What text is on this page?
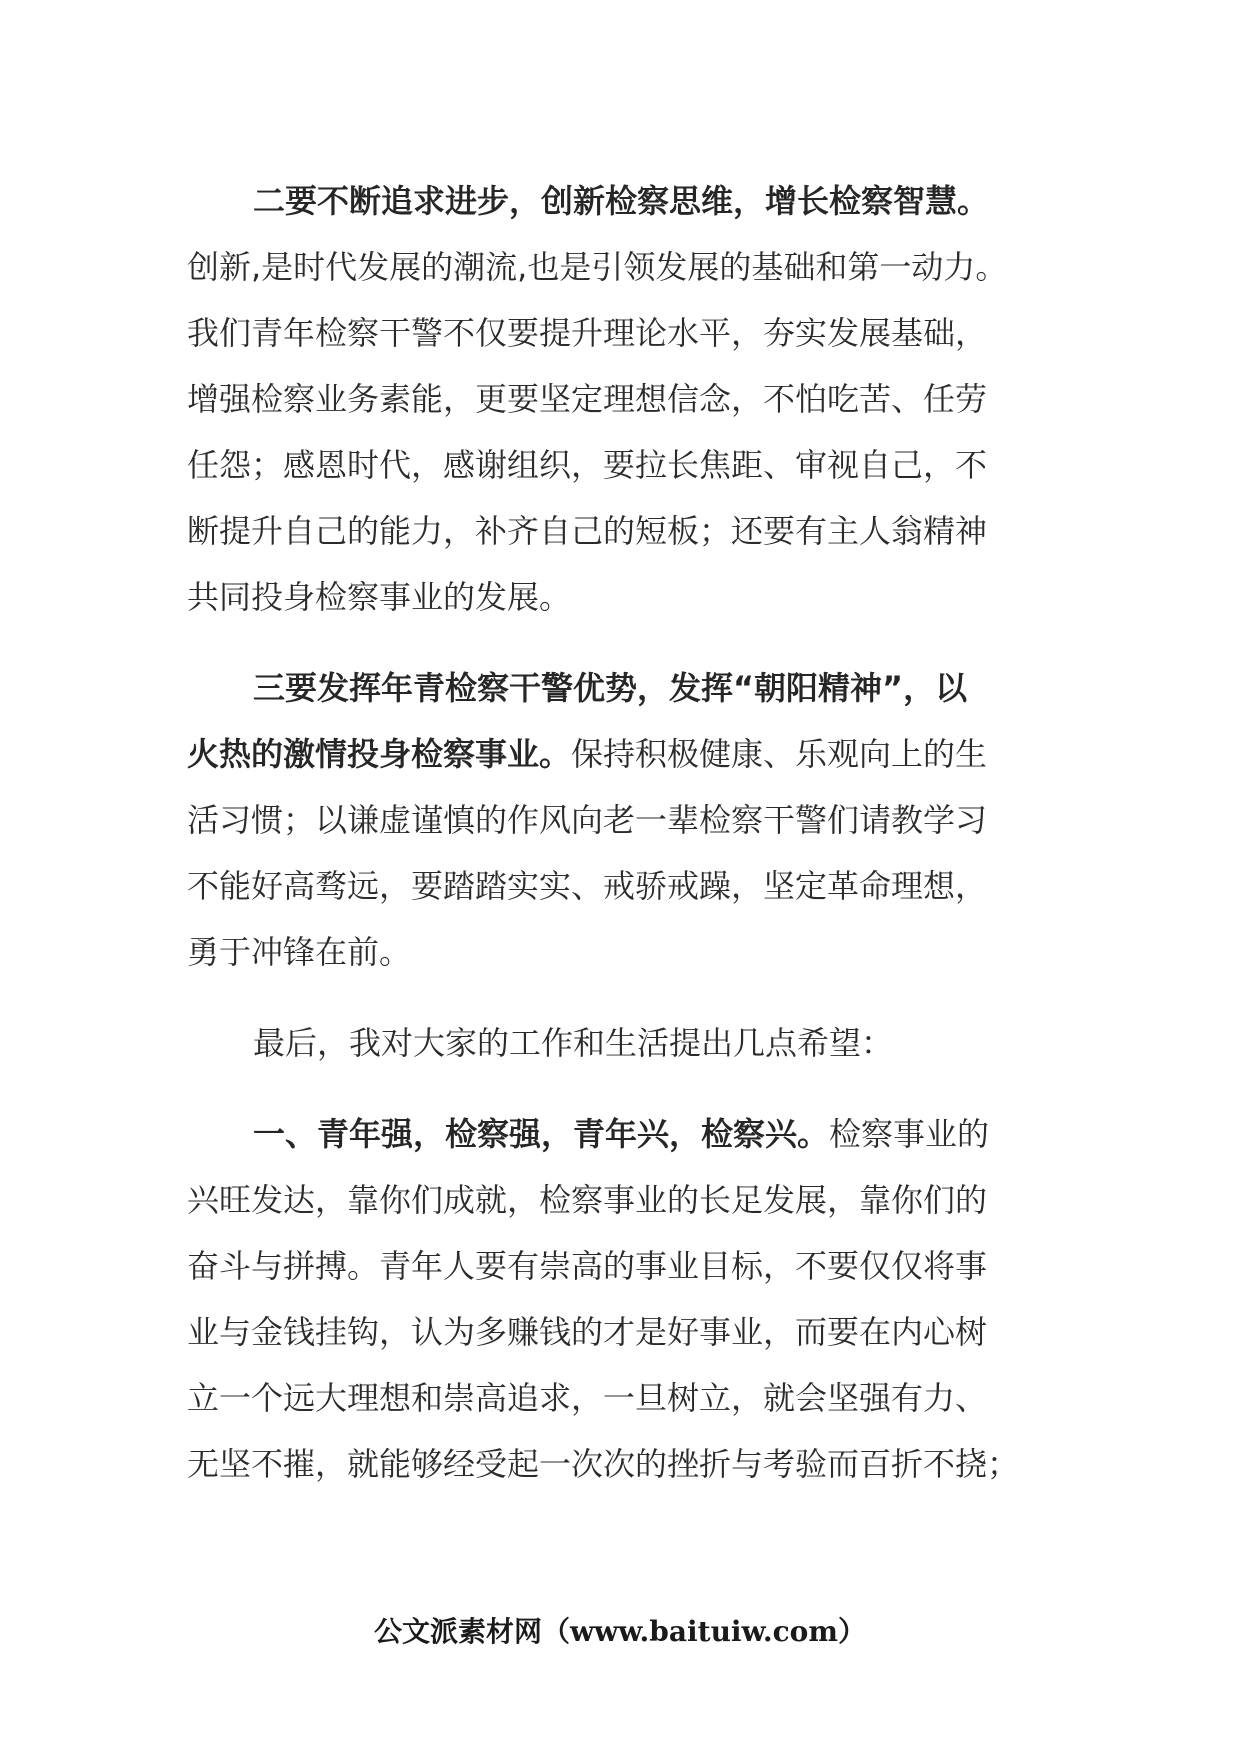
二要不断追求进步，创新检察思维，增长检察智慧。
创新,是时代发展的潮流,也是引领发展的基础和第一动力。
我们青年检察干警不仅要提升理论水平，夯实发展基础，
增强检察业务素能，更要坚定理想信念，不怕吃苦、任劳
任怨；感恩时代，感谢组织，要拉长焦距、审视自己，不
断提升自己的能力，补齐自己的短板；还要有主人翁精神
共同投身检察事业的发展。
三要发挥年青检察干警优势，发挥“朝阳精神”，以
火热的激情投身检察事业。保持积极健康、乐观向上的生
活习惯；以谦虚谨慎的作风向老一辈检察干警们请教学习
不能好高骛远，要踏踏实实、戒骄戒躁，坚定革命理想，
勇于冲锋在前。
最后，我对大家的工作和生活提出几点希望：
一、青年强，检察强，青年兴，检察兴。检察事业的
兴旺发达，靠你们成就，检察事业的长足发展，靠你们的
奋斗与拼搏。青年人要有崇高的事业目标，不要仅仅将事
业与金钱挂钩，认为多赚钱的才是好事业，而要在内心树
立一个远大理想和崇高追求，一旦树立，就会坚强有力、
无坚不摧，就能够经受起一次次的挫折与考验而百折不挠；
公文派素材网（www.baituiw.com）
